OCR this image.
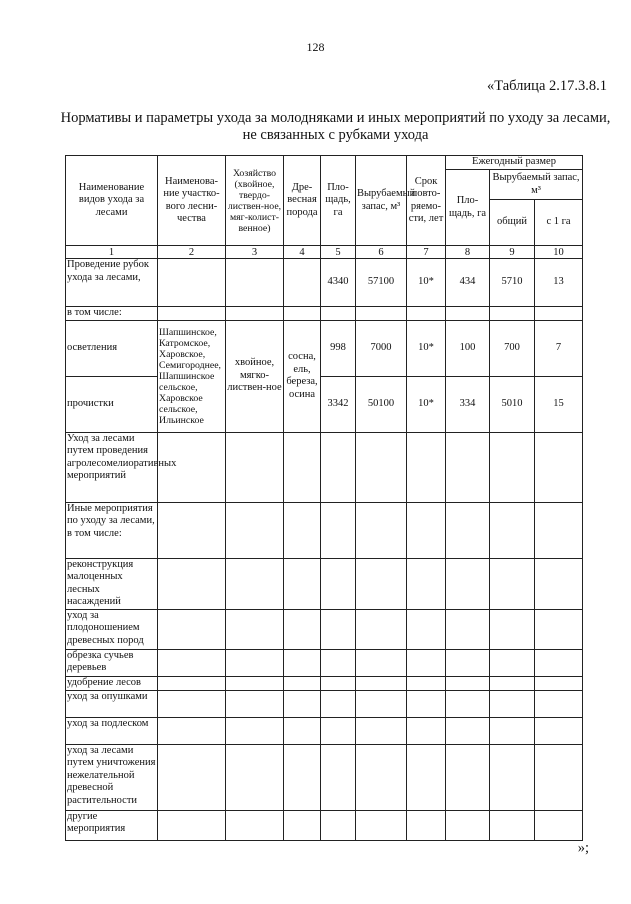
128
«Таблица 2.17.3.8.1
Нормативы и параметры ухода за молодняками и иных мероприятий по уходу за лесами, не связанных с рубками ухода
Наименование видов ухода за лесами	Наименова-ние участко-вого лесни-чества	Хозяйство (хвойное, твердо-листвен-ное, мяг-колист-венное)	Дре-весная порода	Пло-щадь, га	Вырубаемый запас, м³	Срок повто-ряемо-сти, лет	Ежегодный размер		
							Пло-щадь, га	Вырубаемый запас, м³	
								общий	с 1 га
1	2	3	4	5	6	7	8	9	10
Проведение рубок ухода за лесами,				4340	57100	10*	434	5710	13
в том числе:									
осветления	Шапшинское, Катромское, Харовское, Семигороднее, Шапшинское сельское, Харовское сельское, Ильинское	хвойное, мягко-листвен-ное	сосна, ель, береза, осина	998	7000	10*	100	700	7
прочистки				3342	50100	10*	334	5010	15
Уход за лесами путем проведения агролесомелиоративных мероприятий									
Иные мероприятия по уходу за лесами, в том числе:									
реконструкция малоценных лесных насаждений									
уход за плодоношением древесных пород									
обрезка сучьев деревьев									
удобрение лесов									
уход за опушками									
уход за подлеском									
уход за лесами путем уничтожения нежелательной древесной растительности									
другие мероприятия									
»;
